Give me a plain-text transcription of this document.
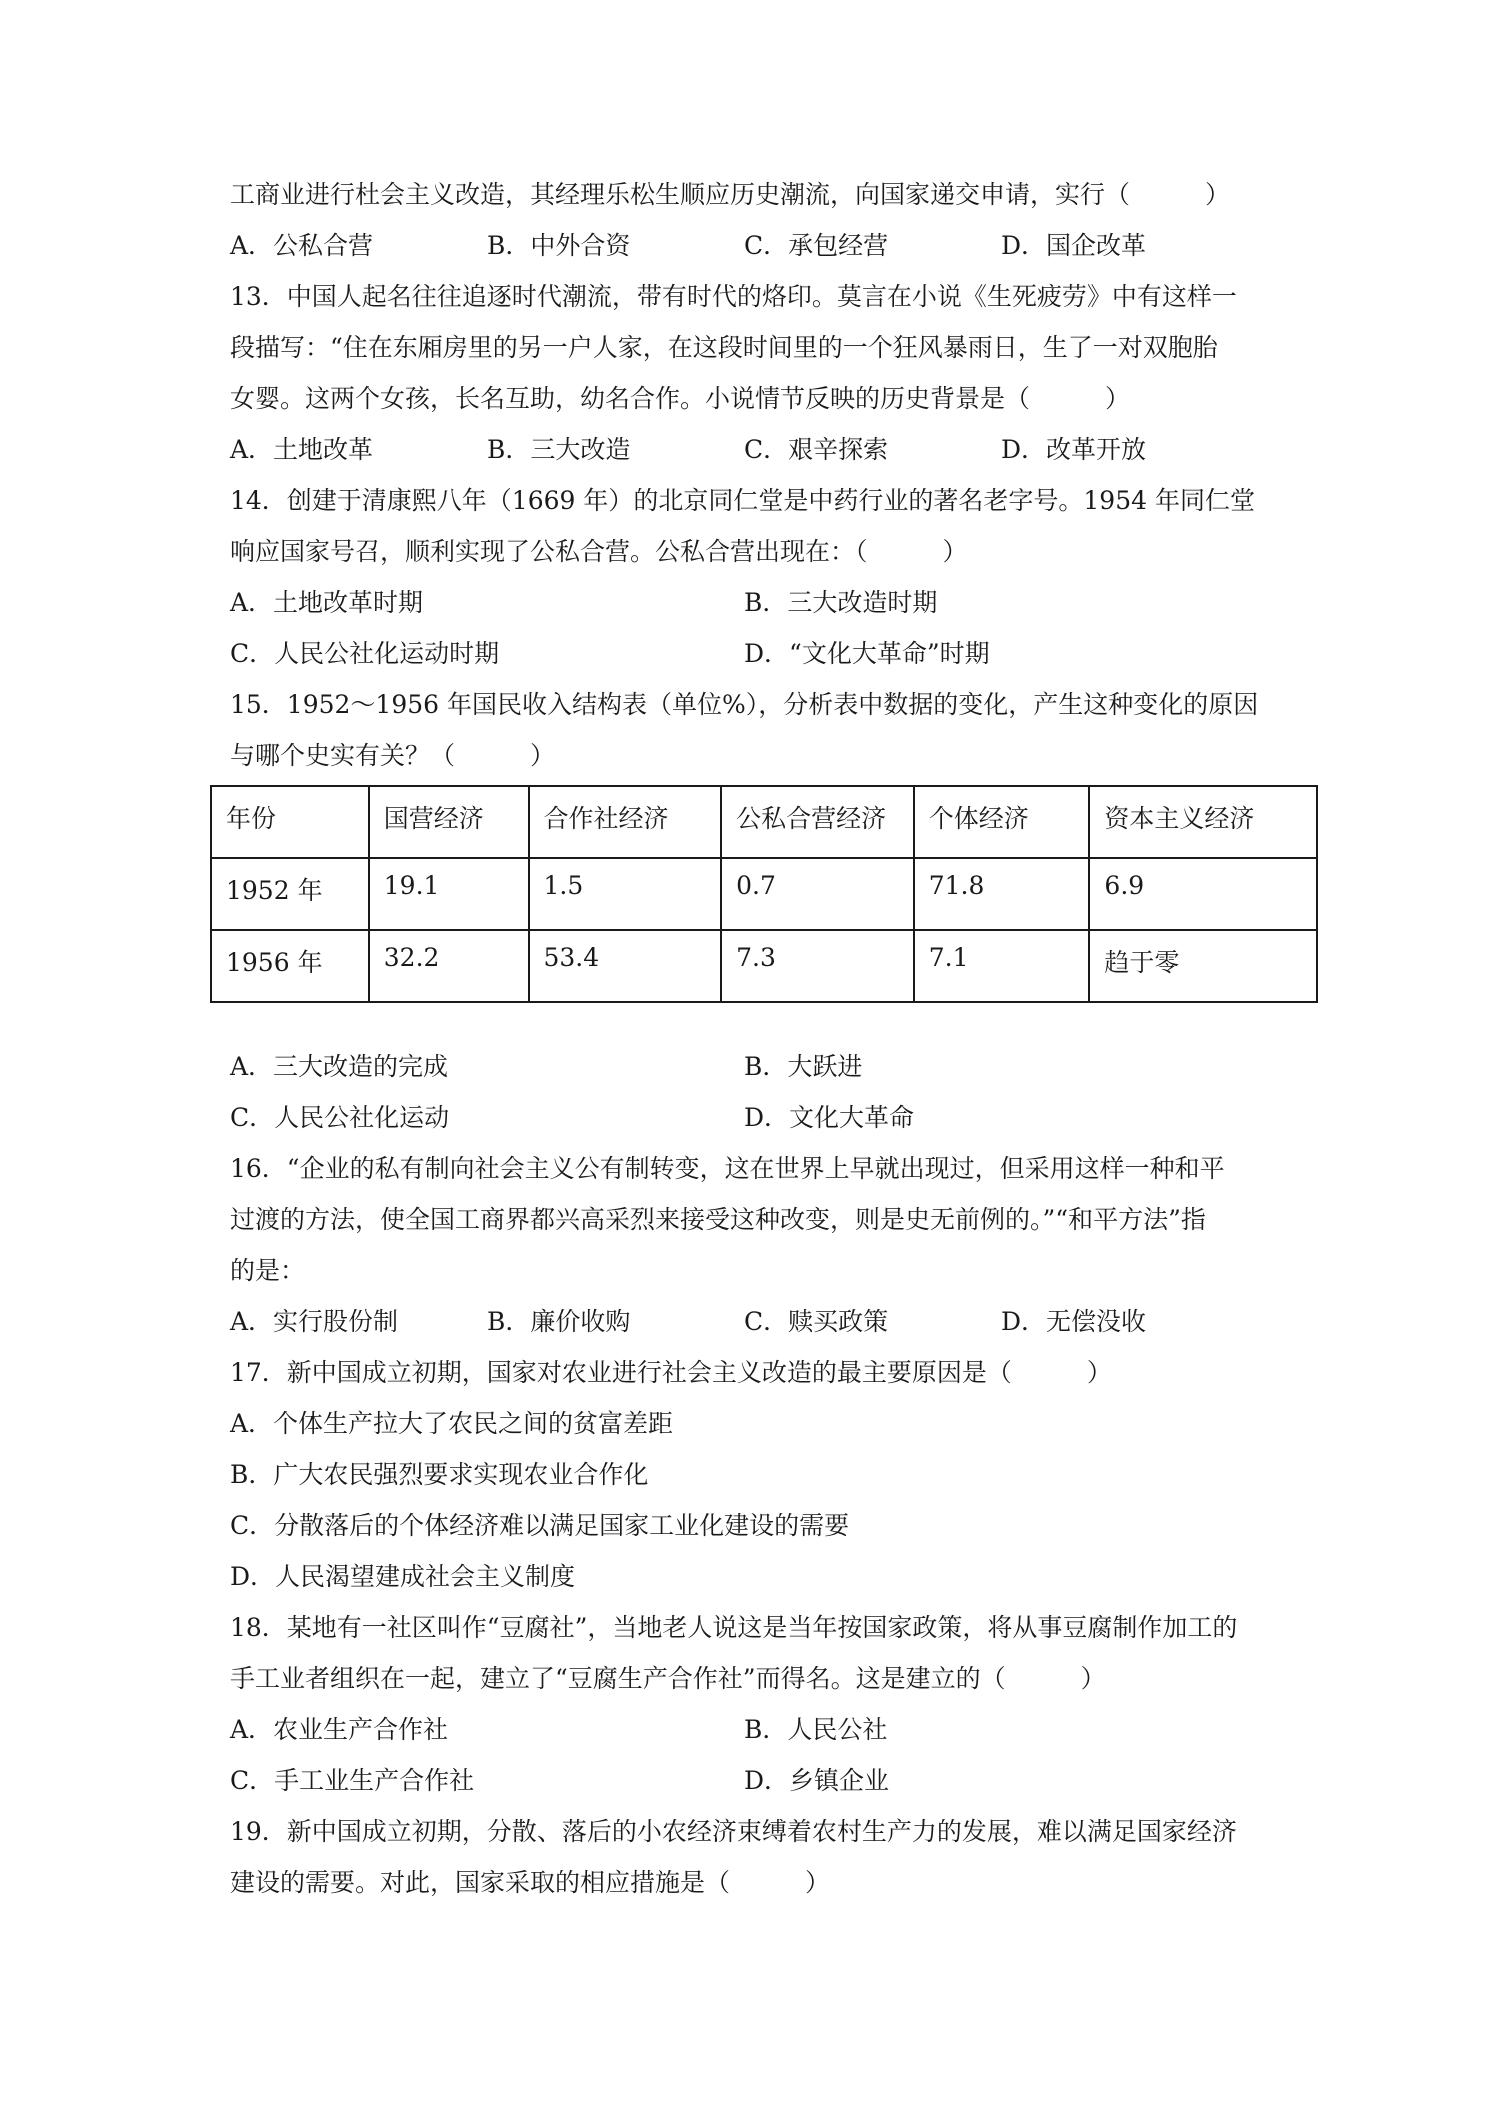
工商业进行杜会主义改造，其经理乐松生顺应历史潮流，向国家递交申请，实行（　　　）
A．公私合营	B．中外合资	C．承包经营	D．国企改革
13．中国人起名往往追逐时代潮流，带有时代的烙印。莫言在小说《生死疲劳》中有这样一
段描写：“住在东厢房里的另一户人家，在这段时间里的一个狂风暴雨日，生了一对双胞胎
女婴。这两个女孩，长名互助，幼名合作。小说情节反映的历史背景是（　　　）
A．土地改革	B．三大改造	C．艰辛探索	D．改革开放
14．创建于清康熙八年（1669 年）的北京同仁堂是中药行业的著名老字号。1954 年同仁堂
响应国家号召，顺利实现了公私合营。公私合营出现在：（　　　）
A．土地改革时期	B．三大改造时期
C．人民公社化运动时期	D．“文化大革命”时期
15．1952～1956 年国民收入结构表（单位%），分析表中数据的变化，产生这种变化的原因
与哪个史实有关？（　　　）
年份	国营经济	合作社经济	公私合营经济	个体经济	资本主义经济
1952 年	19.1	1.5	0.7	71.8	6.9
1956 年	32.2	53.4	7.3	7.1	趋于零
A．三大改造的完成	B．大跃进
C．人民公社化运动	D．文化大革命
16．“企业的私有制向社会主义公有制转变，这在世界上早就出现过，但采用这样一种和平
过渡的方法，使全国工商界都兴高采烈来接受这种改变，则是史无前例的。”“和平方法”指
的是：
A．实行股份制	B．廉价收购	C．赎买政策	D．无偿没收
17．新中国成立初期，国家对农业进行社会主义改造的最主要原因是（　　　）
A．个体生产拉大了农民之间的贫富差距
B．广大农民强烈要求实现农业合作化
C．分散落后的个体经济难以满足国家工业化建设的需要
D．人民渴望建成社会主义制度
18．某地有一社区叫作“豆腐社”，当地老人说这是当年按国家政策，将从事豆腐制作加工的
手工业者组织在一起，建立了“豆腐生产合作社”而得名。这是建立的（　　　）
A．农业生产合作社	B．人民公社
C．手工业生产合作社	D．乡镇企业
19．新中国成立初期，分散、落后的小农经济束缚着农村生产力的发展，难以满足国家经济
建设的需要。对此，国家采取的相应措施是（　　　）
